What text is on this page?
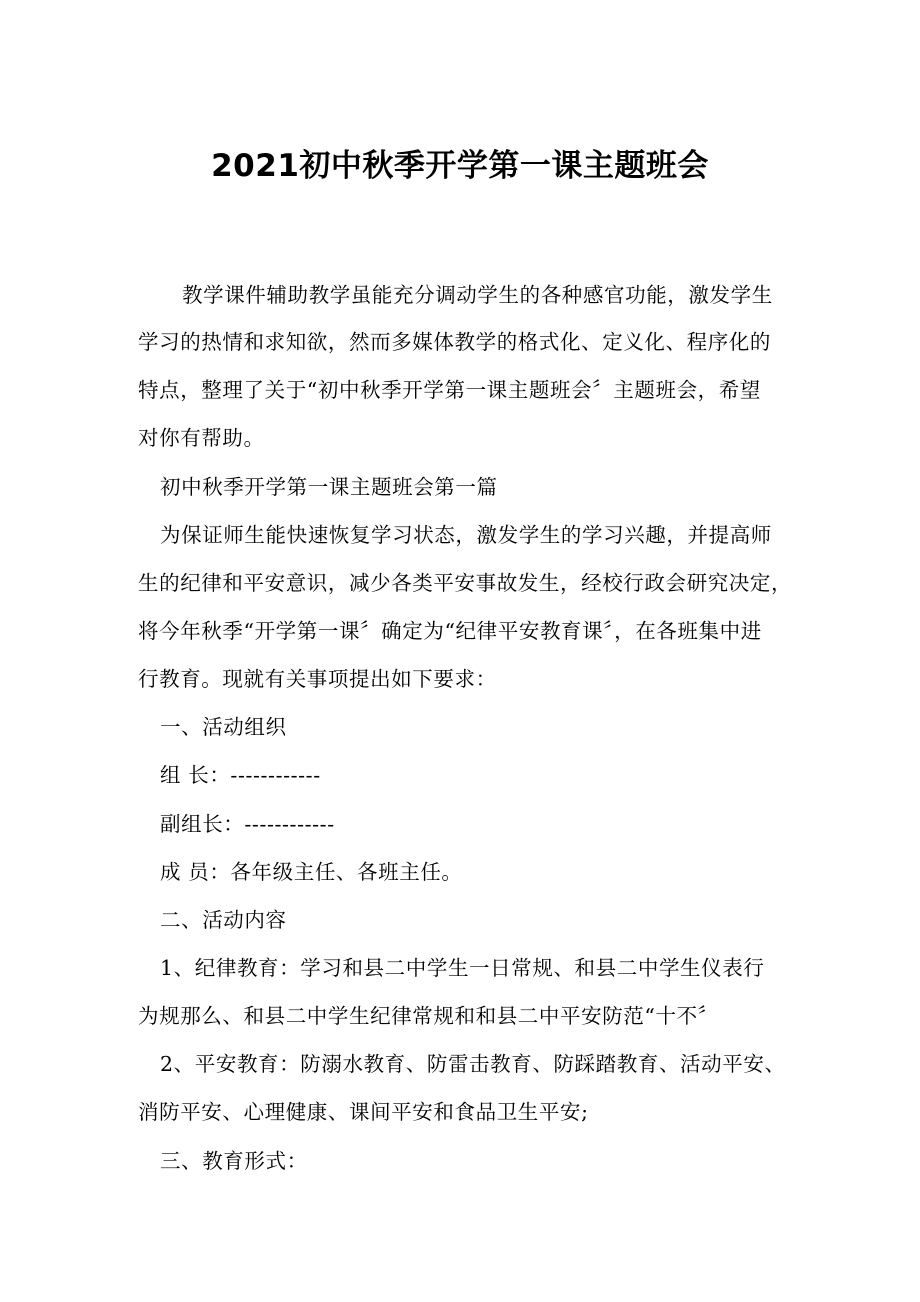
2021初中秋季开学第一课主题班会
教学课件辅助教学虽能充分调动学生的各种感官功能，激发学生
学习的热情和求知欲，然而多媒体教学的格式化、定义化、程序化的
特点，整理了关于“初中秋季开学第一课主题班会〞主题班会，希望
对你有帮助。
初中秋季开学第一课主题班会第一篇
为保证师生能快速恢复学习状态，激发学生的学习兴趣，并提高师
生的纪律和平安意识，减少各类平安事故发生，经校行政会研究决定，
将今年秋季“开学第一课〞确定为“纪律平安教育课〞，在各班集中进
行教育。现就有关事项提出如下要求：
一、活动组织
组 长：------------
副组长：------------
成 员：各年级主任、各班主任。
二、活动内容
1、纪律教育：学习和县二中学生一日常规、和县二中学生仪表行
为规那么、和县二中学生纪律常规和和县二中平安防范“十不〞
2、平安教育：防溺水教育、防雷击教育、防踩踏教育、活动平安、
消防平安、心理健康、课间平安和食品卫生平安;
三、教育形式：
